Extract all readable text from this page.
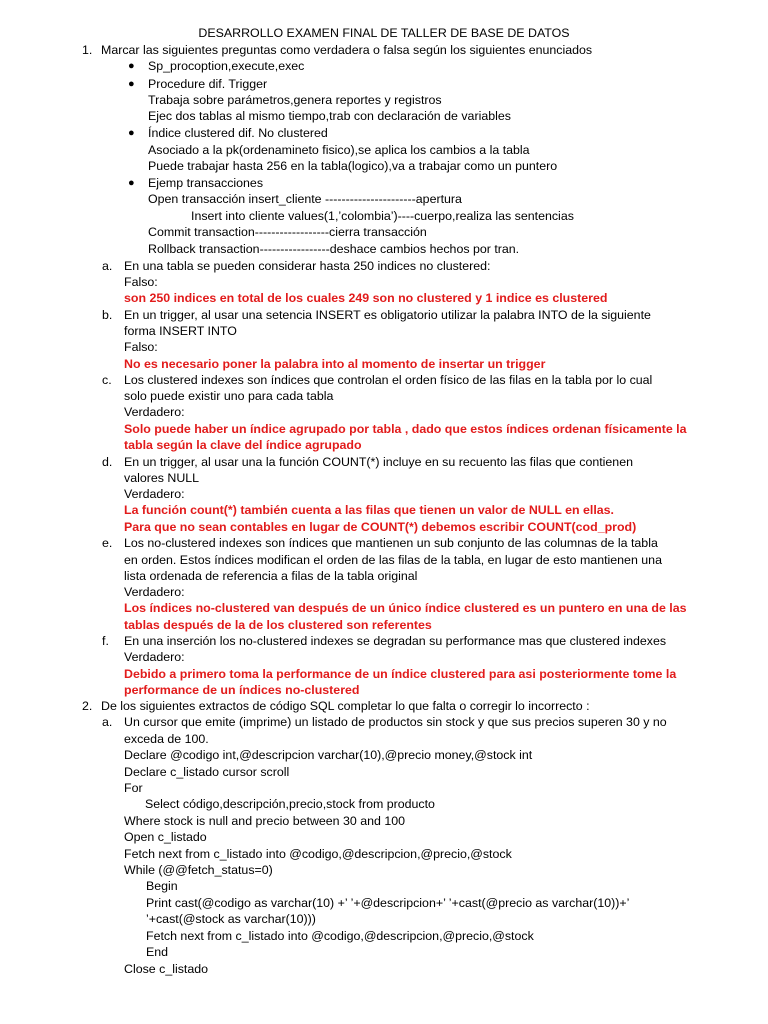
DESARROLLO EXAMEN FINAL DE TALLER DE BASE DE DATOS
1. Marcar las siguientes preguntas como verdadera o falsa según los siguientes enunciados
● Sp_procoption,execute,exec
● Procedure dif. Trigger
Trabaja sobre parámetros,genera reportes y registros
Ejec dos tablas al mismo tiempo,trab con declaración de variables
● Índice clustered dif. No clustered
Asociado a la pk(ordenamineto fisico),se aplica los cambios a la tabla
Puede trabajar hasta 256 en la tabla(logico),va a trabajar como un puntero
● Ejemp transacciones
Open transacción insert_cliente ----------------------apertura
Insert into cliente values(1,’colombia’)----cuerpo,realiza las sentencias
Commit transaction------------------cierra transacción
Rollback transaction-----------------deshace cambios hechos por tran.
a. En una tabla se pueden considerar hasta 250 indices no clustered:
Falso:
son 250 indices en total de los cuales 249 son no clustered y 1 indice es clustered
b. En un trigger, al usar una setencia INSERT es obligatorio utilizar la palabra INTO de la siguiente
forma INSERT INTO
Falso:
No es necesario poner la palabra into al momento de insertar un trigger
c. Los clustered indexes son índices que controlan el orden físico de las filas en la tabla por lo cual
solo puede existir uno para cada tabla
Verdadero:
Solo puede haber un índice agrupado por tabla , dado que estos índices ordenan físicamente la
tabla según la clave del índice agrupado
d. En un trigger, al usar una la función COUNT(*) incluye en su recuento las filas que contienen
valores NULL
Verdadero:
La función count(*) también cuenta a las filas que tienen un valor de NULL en ellas.
Para que no sean contables en lugar de COUNT(*) debemos escribir COUNT(cod_prod)
e. Los no-clustered indexes son índices que mantienen un sub conjunto de las columnas de la tabla
en orden. Estos índices modifican el orden de las filas de la tabla, en lugar de esto mantienen una
lista ordenada de referencia a filas de la tabla original
Verdadero:
Los índices no-clustered van después de un único índice clustered es un puntero en una de las
tablas después de la de los clustered son referentes
f. En una inserción los no-clustered indexes se degradan su performance mas que clustered indexes
Verdadero:
Debido a primero toma la performance de un índice clustered para asi posteriormente tome la
performance de un índices no-clustered
2. De los siguientes extractos de código SQL completar lo que falta o corregir lo incorrecto :
a. Un cursor que emite (imprime) un listado de productos sin stock y que sus precios superen 30 y no
exceda de 100.
Declare @codigo int,@descripcion varchar(10),@precio money,@stock int
Declare c_listado cursor scroll
For
Select código,descripción,precio,stock from producto
Where stock is null and precio between 30 and 100
Open c_listado
Fetch next from c_listado into @codigo,@descripcion,@precio,@stock
While (@@fetch_status=0)
Begin
Print cast(@codigo as varchar(10) +’ ’+@descripcion+’ ’+cast(@precio as varchar(10))+’
’+cast(@stock as varchar(10)))
Fetch next from c_listado into @codigo,@descripcion,@precio,@stock
End
Close c_listado
